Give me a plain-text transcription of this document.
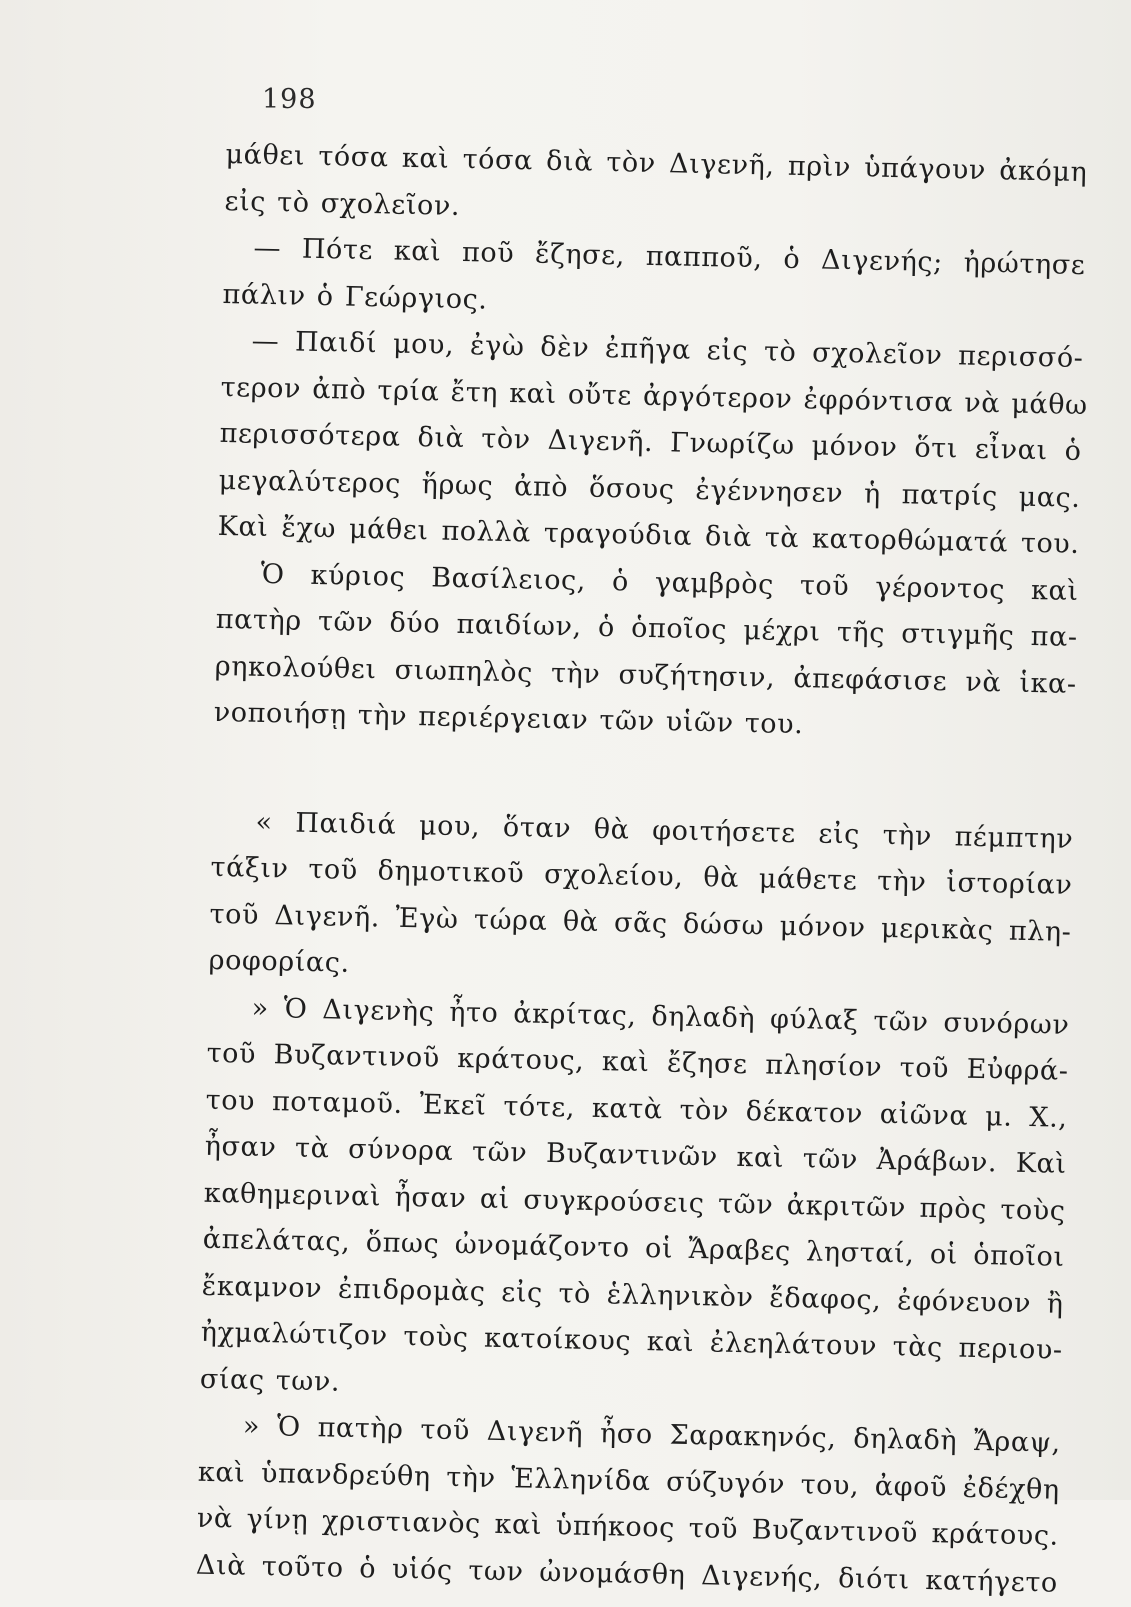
198
μάθει τόσα καὶ τόσα διὰ τὸν Διγενῆ, πρὶν ὑπάγουν ἀκόμη
εἰς τὸ σχολεῖον.
— Πότε καὶ ποῦ ἔζησε, παπποῦ, ὁ Διγενής; ἠρώτησε
πάλιν ὁ Γεώργιος.
— Παιδί μου, ἐγὼ δὲν ἐπῆγα εἰς τὸ σχολεῖον περισσό-
τερον ἀπὸ τρία ἔτη καὶ οὔτε ἀργότερον ἐφρόντισα νὰ μάθω
περισσότερα διὰ τὸν Διγενῆ. Γνωρίζω μόνον ὅτι εἶναι ὁ
μεγαλύτερος ἥρως ἀπὸ ὅσους ἐγέννησεν ἡ πατρίς μας.
Καὶ ἔχω μάθει πολλὰ τραγούδια διὰ τὰ κατορθώματά του.
Ὁ κύριος Βασίλειος, ὁ γαμβρὸς τοῦ γέροντος καὶ
πατὴρ τῶν δύο παιδίων, ὁ ὁποῖος μέχρι τῆς στιγμῆς πα-
ρηκολούθει σιωπηλὸς τὴν συζήτησιν, ἀπεφάσισε νὰ ἱκα-
νοποιήσῃ τὴν περιέργειαν τῶν υἱῶν του.
« Παιδιά μου, ὅταν θὰ φοιτήσετε εἰς τὴν πέμπτην
τάξιν τοῦ δημοτικοῦ σχολείου, θὰ μάθετε τὴν ἱστορίαν
τοῦ Διγενῆ. Ἐγὼ τώρα θὰ σᾶς δώσω μόνον μερικὰς πλη-
ροφορίας.
» Ὁ Διγενὴς ἦτο ἀκρίτας, δηλαδὴ φύλαξ τῶν συνόρων
τοῦ Βυζαντινοῦ κράτους, καὶ ἔζησε πλησίον τοῦ Εὐφρά-
του ποταμοῦ. Ἐκεῖ τότε, κατὰ τὸν δέκατον αἰῶνα μ. Χ.,
ἦσαν τὰ σύνορα τῶν Βυζαντινῶν καὶ τῶν Ἀράβων. Καὶ
καθημεριναὶ ἦσαν αἱ συγκρούσεις τῶν ἀκριτῶν πρὸς τοὺς
ἀπελάτας, ὅπως ὠνομάζοντο οἱ Ἄραβες λησταί, οἱ ὁποῖοι
ἔκαμνον ἐπιδρομὰς εἰς τὸ ἑλληνικὸν ἔδαφος, ἐφόνευον ἢ
ἠχμαλώτιζον τοὺς κατοίκους καὶ ἐλεηλάτουν τὰς περιου-
σίας των.
» Ὁ πατὴρ τοῦ Διγενῆ ἦσο Σαρακηνός, δηλαδὴ Ἄραψ,
καὶ ὑπανδρεύθη τὴν Ἑλληνίδα σύζυγόν του, ἀφοῦ ἐδέχθη
νὰ γίνῃ χριστιανὸς καὶ ὑπήκοος τοῦ Βυζαντινοῦ κράτους.
Διὰ τοῦτο ὁ υἱός των ὠνομάσθη Διγενής, διότι κατήγετο
